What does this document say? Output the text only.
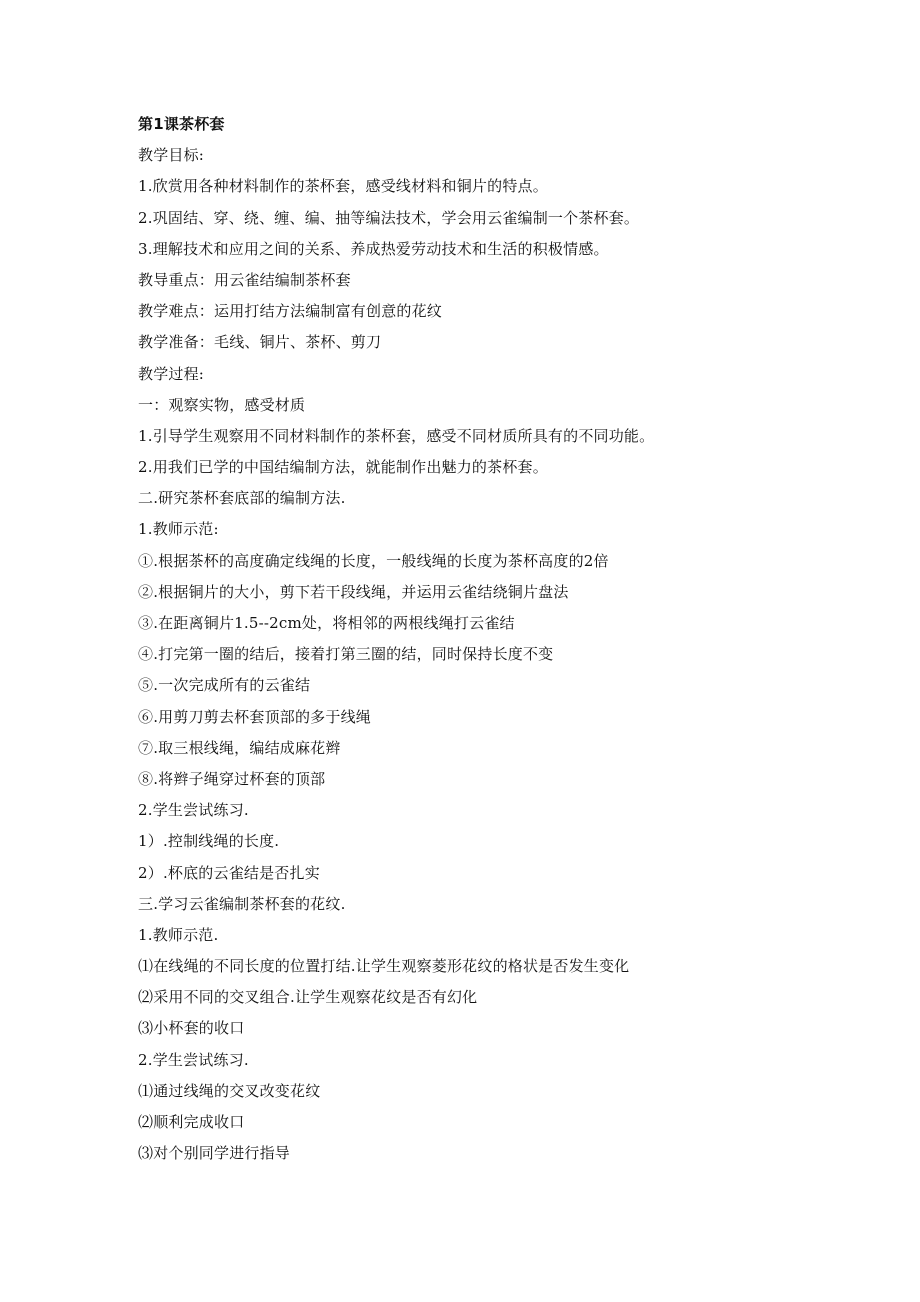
第1课茶杯套
教学目标:
1.欣赏用各种材料制作的茶杯套，感受线材料和铜片的特点。
2.巩固结、穿、绕、缠、编、抽等编法技术，学会用云雀编制一个茶杯套。
3.理解技术和应用之间的关系、养成热爱劳动技术和生活的积极情感。
教导重点：用云雀结编制茶杯套
教学难点：运用打结方法编制富有创意的花纹
教学准备：毛线、铜片、茶杯、剪刀
教学过程:
一：观察实物，感受材质
1.引导学生观察用不同材料制作的茶杯套，感受不同材质所具有的不同功能。
2.用我们已学的中国结编制方法，就能制作出魅力的茶杯套。
二.研究茶杯套底部的编制方法.
1.教师示范:
①.根据茶杯的高度确定线绳的长度，一般线绳的长度为茶杯高度的2倍
②.根据铜片的大小，剪下若干段线绳，并运用云雀结绕铜片盘法
③.在距离铜片1.5--2cm处，将相邻的两根线绳打云雀结
④.打完第一圈的结后，接着打第三圈的结，同时保持长度不变
⑤.一次完成所有的云雀结
⑥.用剪刀剪去杯套顶部的多于线绳
⑦.取三根线绳，编结成麻花辫
⑧.将辫子绳穿过杯套的顶部
2.学生尝试练习.
1）.控制线绳的长度.
2）.杯底的云雀结是否扎实
三.学习云雀编制茶杯套的花纹.
1.教师示范.
⑴在线绳的不同长度的位置打结.让学生观察菱形花纹的格状是否发生变化
⑵采用不同的交叉组合.让学生观察花纹是否有幻化
⑶小杯套的收口
2.学生尝试练习.
⑴通过线绳的交叉改变花纹
⑵顺利完成收口
⑶对个别同学进行指导
